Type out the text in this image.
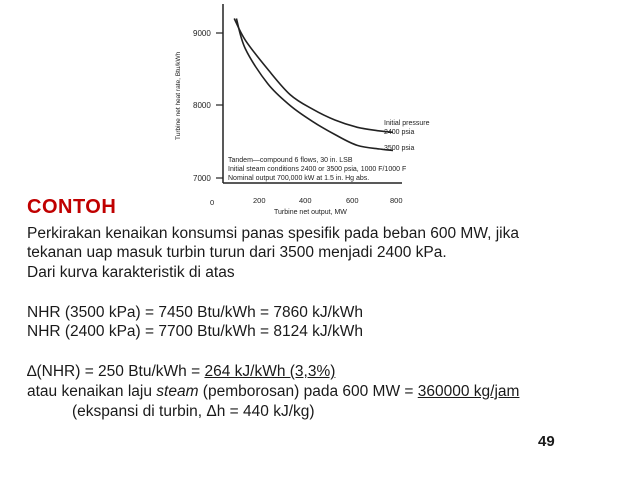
9000
8000
7000
Turbine net heat rate, Btu/kWh
0	200	400	600	800
Turbine net output, MW
Initial pressure
2400 psia
3500 psia
Tandem—compound 6 flows, 30 in. LSB
Initial steam conditions 2400 or 3500 psia, 1000 F/1000 F
Nominal output 700,000 kW at 1.5 in. Hg abs.
CONTOH
Perkirakan kenaikan konsumsi panas spesifik pada beban 600 MW, jika
tekanan uap masuk turbin turun dari 3500 menjadi 2400 kPa.
Dari kurva karakteristik di atas
NHR (3500 kPa) = 7450 Btu/kWh = 7860 kJ/kWh
NHR (2400 kPa) = 7700 Btu/kWh = 8124 kJ/kWh
∆(NHR) = 250 Btu/kWh = 264 kJ/kWh (3,3%)
atau kenaikan laju steam (pemborosan) pada 600 MW = 360000 kg/jam
(ekspansi di turbin, Δh = 440 kJ/kg)
49
